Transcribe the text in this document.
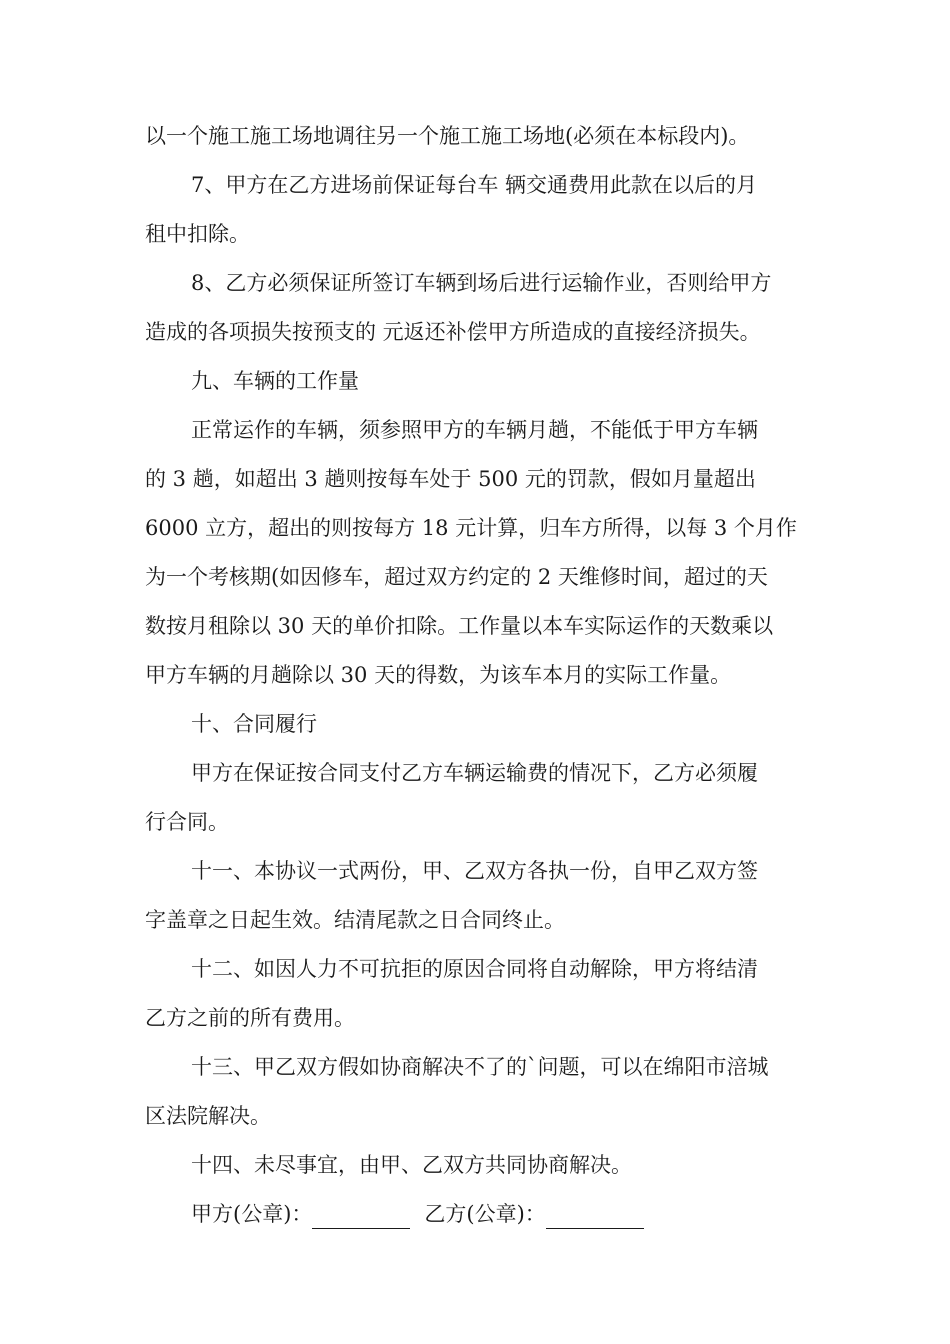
以一个施工施工场地调往另一个施工施工场地(必须在本标段内)。

7、甲方在乙方进场前保证每台车 辆交通费用此款在以后的月

租中扣除。

8、乙方必须保证所签订车辆到场后进行运输作业，否则给甲方

造成的各项损失按预支的 元返还补偿甲方所造成的直接经济损失。

九、车辆的工作量

正常运作的车辆，须参照甲方的车辆月趟，不能低于甲方车辆

的 3 趟，如超出 3 趟则按每车处于 500 元的罚款，假如月量超出

6000 立方，超出的则按每方 18 元计算，归车方所得，以每 3 个月作

为一个考核期(如因修车，超过双方约定的 2 天维修时间，超过的天

数按月租除以 30 天的单价扣除。工作量以本车实际运作的天数乘以

甲方车辆的月趟除以 30 天的得数，为该车本月的实际工作量。

十、合同履行

甲方在保证按合同支付乙方车辆运输费的情况下，乙方必须履

行合同。

十一、本协议一式两份，甲、乙双方各执一份，自甲乙双方签

字盖章之日起生效。结清尾款之日合同终止。

十二、如因人力不可抗拒的原因合同将自动解除，甲方将结清

乙方之前的所有费用。

十三、甲乙双方假如协商解决不了的`问题，可以在绵阳市涪城

区法院解决。

十四、未尽事宜，由甲、乙双方共同协商解决。

甲方(公章)：	乙方(公章)：
